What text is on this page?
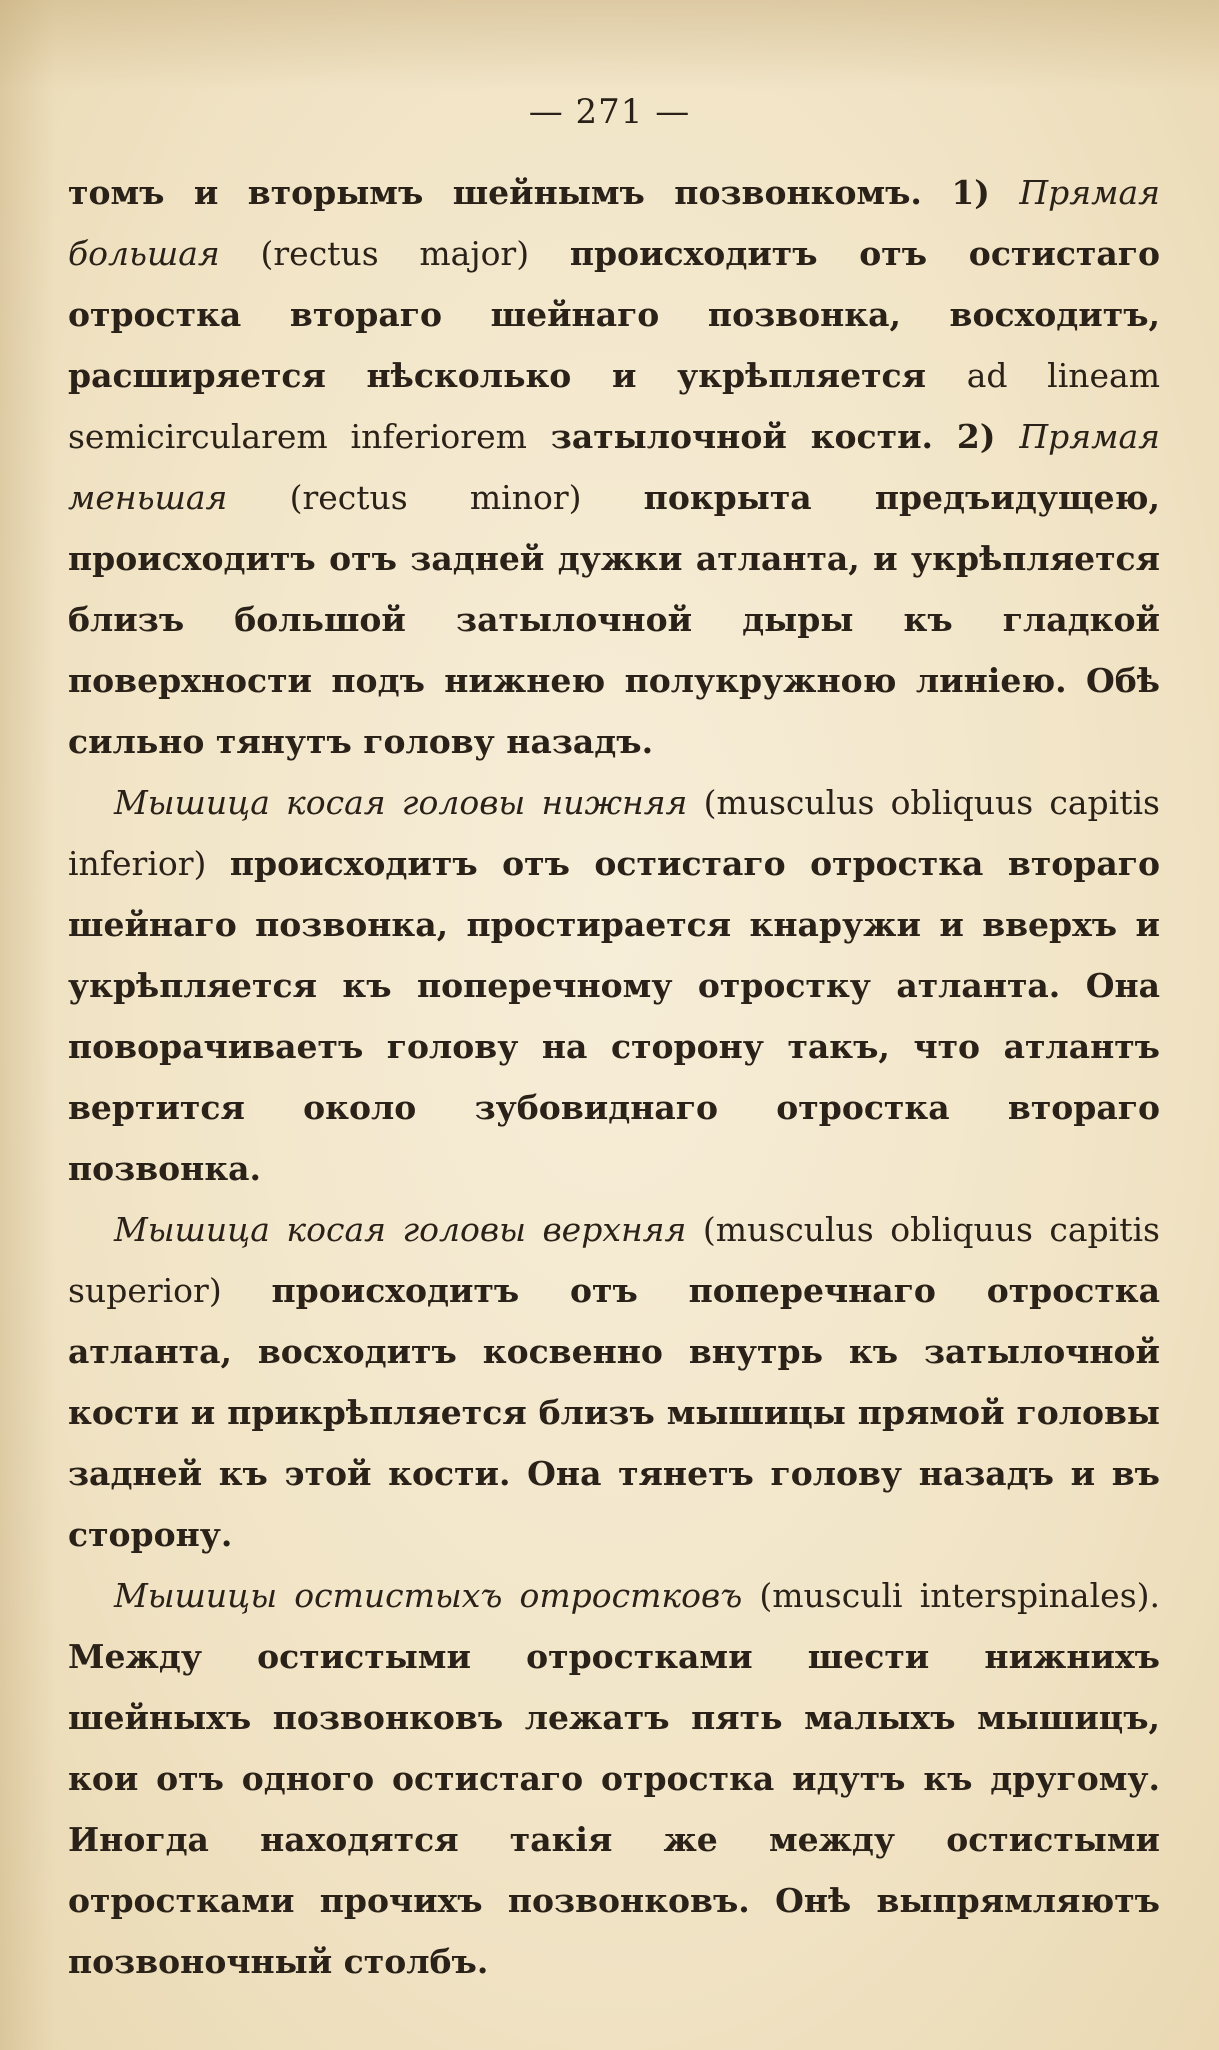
— 271 —

томъ и вторымъ шейнымъ позвонкомъ. 1) Прямая большая (rectus major) происходитъ отъ остистаго отростка втораго шейнаго позвонка, восходитъ, расширяется нѣсколько и укрѣпляется ad lineam semicircularem inferiorem затылочной кости. 2) Прямая меньшая (rectus minor) покрыта предъидущею, происходитъ отъ задней дужки атланта, и укрѣпляется близъ большой затылочной дыры къ гладкой поверхности подъ нижнею полукружною линіею. Обѣ сильно тянутъ голову назадъ.

Мышица косая головы нижняя (musculus obliquus capitis inferior) происходитъ отъ остистаго отростка втораго шейнаго позвонка, простирается кнаружи и вверхъ и укрѣпляется къ поперечному отростку атланта. Она поворачиваетъ голову на сторону такъ, что атлантъ вертится около зубовиднаго отростка втораго позвонка.

Мышица косая головы верхняя (musculus obliquus capitis superior) происходитъ отъ поперечнаго отростка атланта, восходитъ косвенно внутрь къ затылочной кости и прикрѣпляется близъ мышицы прямой головы задней къ этой кости. Она тянетъ голову назадъ и въ сторону.

Мышицы остистыхъ отростковъ (musculi interspinales). Между остистыми отростками шести нижнихъ шейныхъ позвонковъ лежатъ пять малыхъ мышицъ, кои отъ одного остистаго отростка идутъ къ другому. Иногда находятся такія же между остистыми отростками прочихъ позвонковъ. Онѣ выпрямляютъ позвоночный столбъ.
